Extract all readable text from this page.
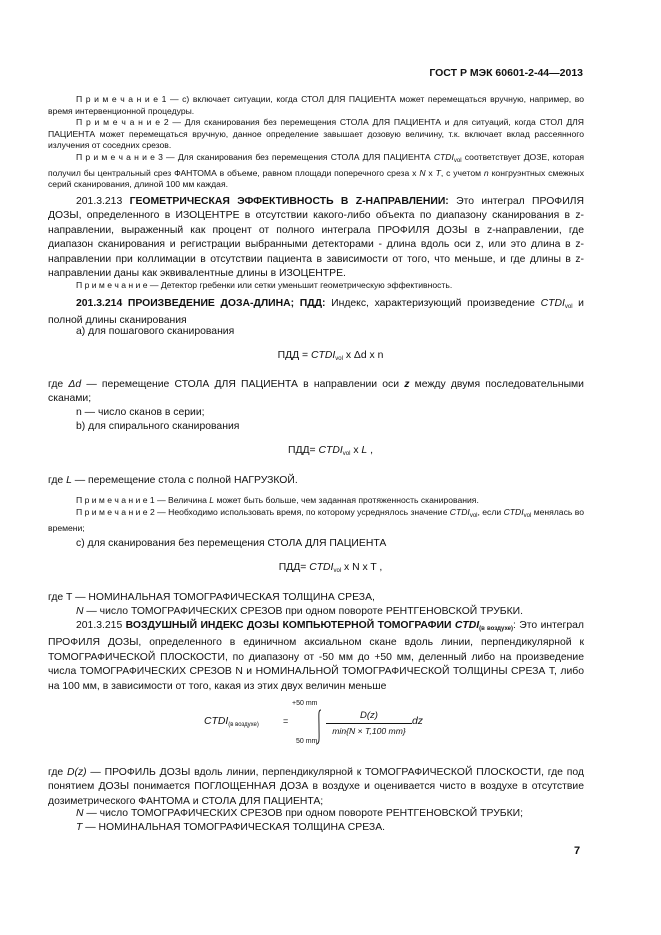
ГОСТ Р МЭК 60601-2-44—2013
П р и м е ч а н и е 1 — c) включает ситуации, когда СТОЛ ДЛЯ ПАЦИЕНТА может перемещаться вручную, например, во время интервенционной процедуры.
П р и м е ч а н и е 2 — Для сканирования без перемещения СТОЛА ДЛЯ ПАЦИЕНТА и для ситуаций, когда СТОЛ ДЛЯ ПАЦИЕНТА может перемещаться вручную, данное определение завышает дозовую величину, т.к. включает вклад рассеянного излучения от соседних срезов.
П р и м е ч а н и е 3 — Для сканирования без перемещения СТОЛА ДЛЯ ПАЦИЕНТА $CTDI_{vol}$ соответствует ДОЗЕ, которая получил бы центральный срез ФАНТОМА в объеме, равном площади поперечного среза x N x T, с учетом n конгруэнтных смежных серий сканирования, длиной 100 мм каждая.
201.3.213 ГЕОМЕТРИЧЕСКАЯ ЭФФЕКТИВНОСТЬ В Z-НАПРАВЛЕНИИ: Это интеграл ПРОФИЛЯ ДОЗЫ, определенного в ИЗОЦЕНТРЕ в отсутствии какого-либо объекта по диапазону сканирования в z-направлении, выраженный как процент от полного интеграла ПРОФИЛЯ ДОЗЫ в z-направлении, где диапазон сканирования и регистрации выбранными детекторами - длина вдоль оси z, или это длина в z-направлении при коллимации в отсутствии пациента в зависимости от того, что меньше, и где длины в z-направлении даны как эквивалентные длины в ИЗОЦЕНТРЕ.
П р и м е ч а н и е — Детектор гребенки или сетки уменьшит геометрическую эффективность.
201.3.214 ПРОИЗВЕДЕНИЕ ДОЗА-ДЛИНА; ПДД: Индекс, характеризующий произведение $CTDI_{vol}$ и полной длины сканирования
a) для пошагового сканирования
ПДД = $CTDI_{vol}$ x Δd x n
где Δd — перемещение СТОЛА ДЛЯ ПАЦИЕНТА в направлении оси z между двумя последовательными сканами;
n — число сканов в серии;
b) для спирального сканирования
$ПДД= CTDI_{vol}$ x L ,
где L — перемещение стола с полной НАГРУЗКОЙ.
П р и м е ч а н и е 1 — Величина L может быть больше, чем заданная протяженность сканирования.
П р и м е ч а н и е 2 — Необходимо использовать время, по которому усреднялось значение $CTDI_{vol}$, если $CTDI_{vol}$ менялась во времени;
c) для сканирования без перемещения СТОЛА ДЛЯ ПАЦИЕНТА
$ПДД= CTDI_{vol}$ x N x T ,
где T — НОМИНАЛЬНАЯ ТОМОГРАФИЧЕСКАЯ ТОЛЩИНА СРЕЗА,
N — число ТОМОГРАФИЧЕСКИХ СРЕЗОВ при одном повороте РЕНТГЕНОВСКОЙ ТРУБКИ.
201.3.215 ВОЗДУШНЫЙ ИНДЕКС ДОЗЫ КОМПЬЮТЕРНОЙ ТОМОГРАФИИ $CTDI_{(в воздухе)}$: Это интеграл ПРОФИЛЯ ДОЗЫ, определенного в единичном аксиальном скане вдоль линии, перпендикулярной к ТОМОГРАФИЧЕСКОЙ ПЛОСКОСТИ, по диапазону от -50 мм до +50 мм, деленный либо на произведение числа ТОМОГРАФИЧЕСКИХ СРЕЗОВ N и НОМИНАЛЬНОЙ ТОМОГРАФИЧЕСКОЙ ТОЛЩИНЫ СРЕЗА T, либо на 100 мм, в зависимости от того, какая из этих двух величин меньше
$CTDI_{(в воздухе)}$	=
+50 mm
50 mm
D(z)
min{N × T,100 mm}
dz
где D(z) — ПРОФИЛЬ ДОЗЫ вдоль линии, перпендикулярной к ТОМОГРАФИЧЕСКОЙ ПЛОСКОСТИ, где под понятием ДОЗЫ понимается ПОГЛОЩЕННАЯ ДОЗА в воздухе и оценивается чисто в воздухе в отсутствие дозиметрического ФАНТОМА и СТОЛА ДЛЯ ПАЦИЕНТА;
N — число ТОМОГРАФИЧЕСКИХ СРЕЗОВ при одном повороте РЕНТГЕНОВСКОЙ ТРУБКИ;
T — НОМИНАЛЬНАЯ ТОМОГРАФИЧЕСКАЯ ТОЛЩИНА СРЕЗА.
7
